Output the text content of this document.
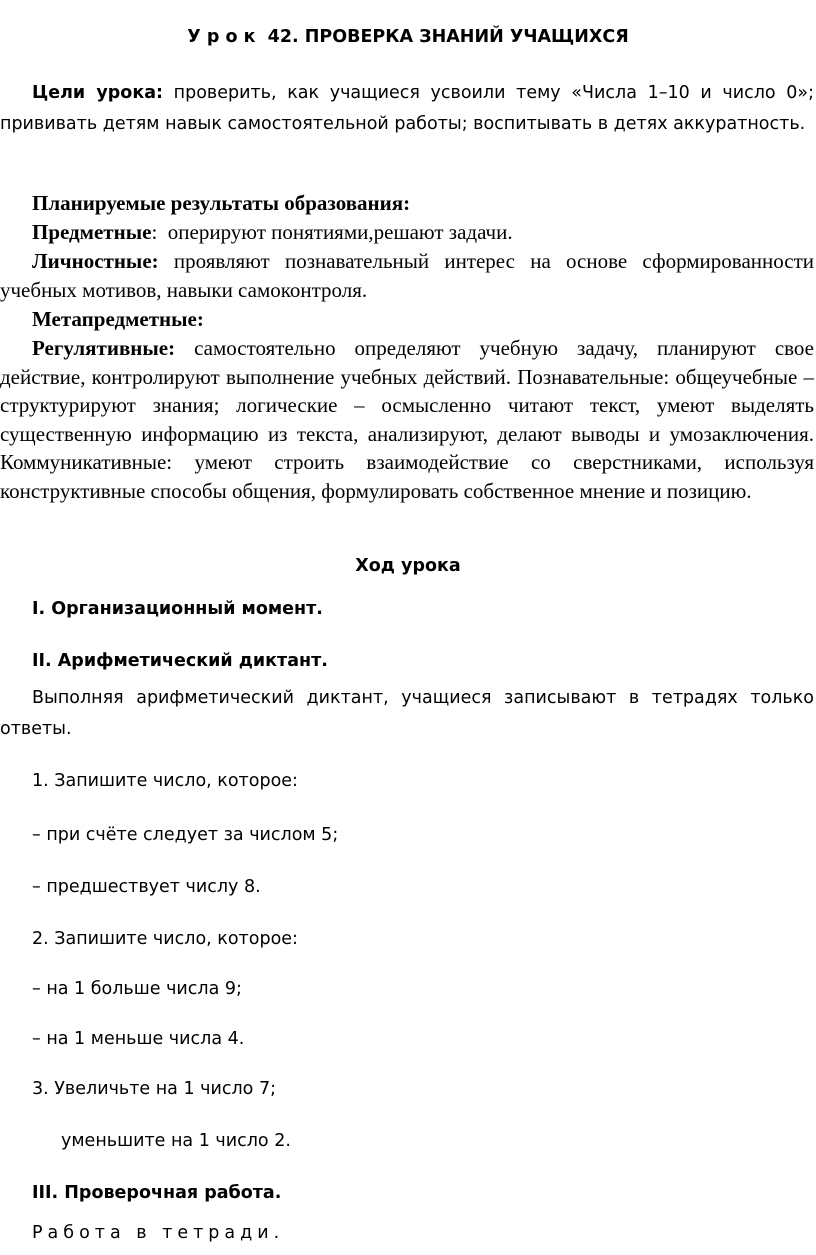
У р о к  42. ПРОВЕРКА ЗНАНИЙ УЧАЩИХСЯ
Цели урока: проверить, как учащиеся усвоили тему «Числа 1–10 и число 0»; прививать детям навык самостоятельной работы; воспитывать в детях аккуратность.
Планируемые результаты образования:
Предметные:  оперируют понятиями,решают задачи.
Личностные: проявляют познавательный интерес на основе сформированности учебных мотивов, навыки самоконтроля.
Метапредметные:
Регулятивные: самостоятельно определяют учебную задачу, планируют свое действие, контролируют выполнение учебных действий. Познавательные: общеучебные – структурируют знания; логические – осмысленно читают текст, умеют выделять существенную информацию из текста, анализируют, делают выводы и умозаключения. Коммуникативные: умеют строить взаимодействие со сверстниками, используя конструктивные способы общения, формулировать собственное мнение и позицию.
Ход урока
I. Организационный момент.
II. Арифметический диктант.
Выполняя арифметический диктант, учащиеся записывают в тетрадях только ответы.
1. Запишите число, которое:
– при счёте следует за числом 5;
– предшествует числу 8.
2. Запишите число, которое:
– на 1 больше числа 9;
– на 1 меньше числа 4.
3. Увеличьте на 1 число 7;
уменьшите на 1 число 2.
III. Проверочная работа.
Работа в тетради.
